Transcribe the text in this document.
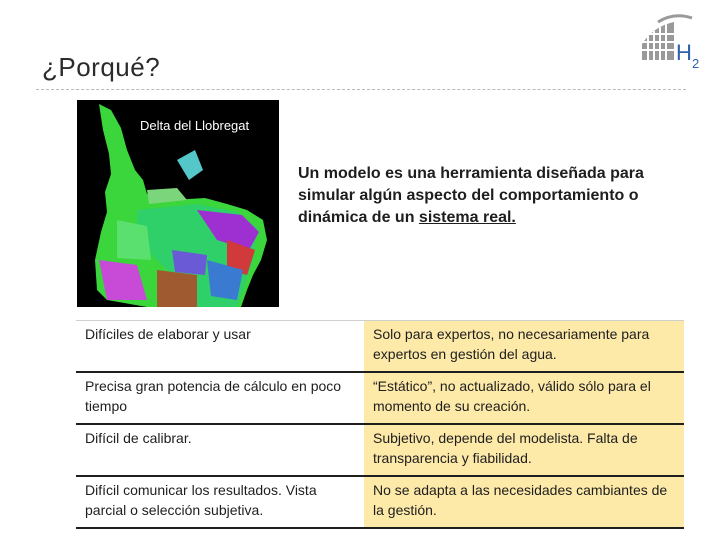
¿Porqué?	H 2
Delta del Llobregat
Un modelo es una herramienta diseñada para simular algún aspecto del comportamiento o dinámica de un sistema real.
Difíciles de elaborar y usar	Solo para expertos, no necesariamente para expertos en gestión del agua.
Precisa gran potencia de cálculo en poco tiempo	“Estático”, no actualizado, válido sólo para el momento de su creación.
Difícil de calibrar.	Subjetivo, depende del modelista. Falta de transparencia y fiabilidad.
Difícil comunicar los resultados. Vista parcial o selección subjetiva.	No se adapta a las necesidades cambiantes de la gestión.
